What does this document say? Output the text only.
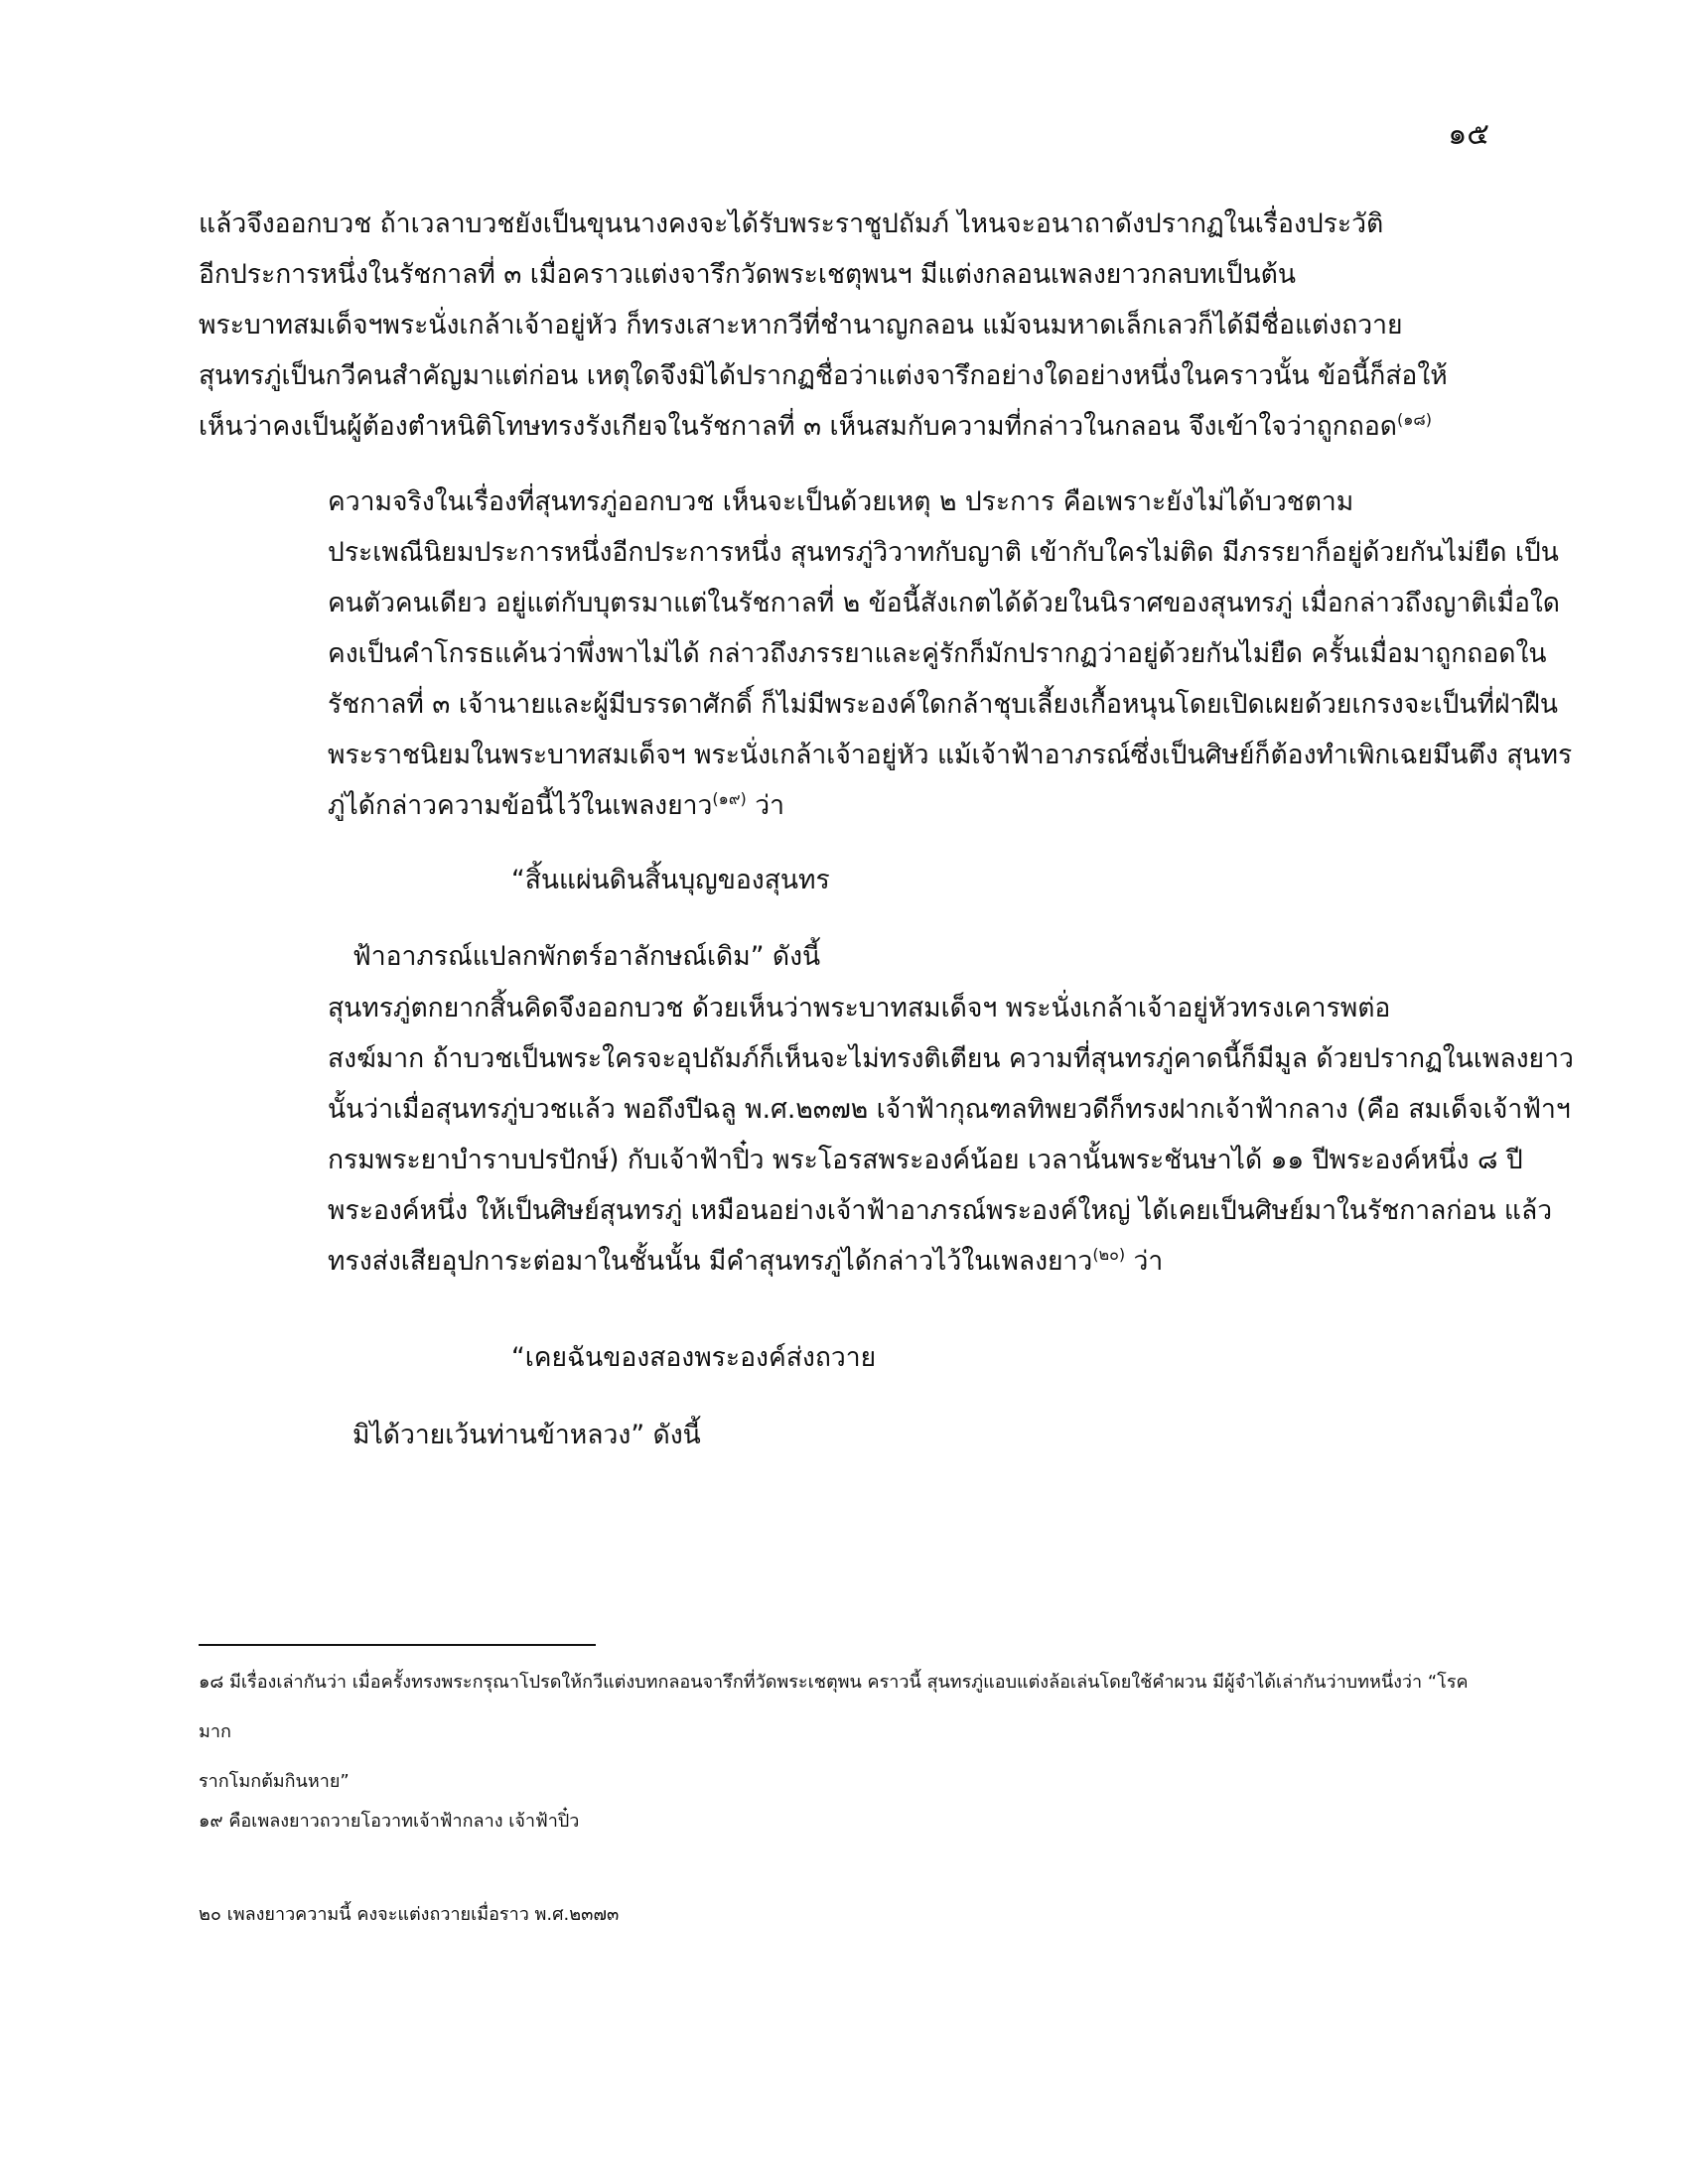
๑๕
แล้วจึงออกบวช ถ้าเวลาบวชยังเป็นขุนนางคงจะได้รับพระราชูปถัมภ์ ไหนจะอนาถาดังปรากฏในเรื่องประวัติ
อีกประการหนึ่งในรัชกาลที่ ๓ เมื่อคราวแต่งจารึกวัดพระเชตุพนฯ มีแต่งกลอนเพลงยาวกลบทเป็นต้น
พระบาทสมเด็จฯพระนั่งเกล้าเจ้าอยู่หัว ก็ทรงเสาะหากวีที่ชำนาญกลอน แม้จนมหาดเล็กเลวก็ได้มีชื่อแต่งถวาย
สุนทรภู่เป็นกวีคนสำคัญมาแต่ก่อน เหตุใดจึงมิได้ปรากฏชื่อว่าแต่งจารึกอย่างใดอย่างหนึ่งในคราวนั้น ข้อนี้ก็ส่อให้
เห็นว่าคงเป็นผู้ต้องตำหนิติโทษทรงรังเกียจในรัชกาลที่ ๓ เห็นสมกับความที่กล่าวในกลอน จึงเข้าใจว่าถูกถอด$^{(๑๘)}$
ความจริงในเรื่องที่สุนทรภู่ออกบวช เห็นจะเป็นด้วยเหตุ ๒ ประการ คือเพราะยังไม่ได้บวชตาม
ประเพณีนิยมประการหนึ่งอีกประการหนึ่ง สุนทรภู่วิวาทกับญาติ เข้ากับใครไม่ติด มีภรรยาก็อยู่ด้วยกันไม่ยืด เป็น
คนตัวคนเดียว อยู่แต่กับบุตรมาแต่ในรัชกาลที่ ๒ ข้อนี้สังเกตได้ด้วยในนิราศของสุนทรภู่ เมื่อกล่าวถึงญาติเมื่อใด
คงเป็นคำโกรธแค้นว่าพึ่งพาไม่ได้ กล่าวถึงภรรยาและคู่รักก็มักปรากฏว่าอยู่ด้วยกันไม่ยืด ครั้นเมื่อมาถูกถอดใน
รัชกาลที่ ๓ เจ้านายและผู้มีบรรดาศักดิ์ ก็ไม่มีพระองค์ใดกล้าชุบเลี้ยงเกื้อหนุนโดยเปิดเผยด้วยเกรงจะเป็นที่ฝ่าฝืน
พระราชนิยมในพระบาทสมเด็จฯ พระนั่งเกล้าเจ้าอยู่หัว แม้เจ้าฟ้าอาภรณ์ซึ่งเป็นศิษย์ก็ต้องทำเพิกเฉยมึนตึง สุนทร
ภู่ได้กล่าวความข้อนี้ไว้ในเพลงยาว$^{(๑๙)}$ ว่า
“สิ้นแผ่นดินสิ้นบุญของสุนทร
ฟ้าอาภรณ์แปลกพักตร์อาลักษณ์เดิม” ดังนี้
สุนทรภู่ตกยากสิ้นคิดจึงออกบวช ด้วยเห็นว่าพระบาทสมเด็จฯ พระนั่งเกล้าเจ้าอยู่หัวทรงเคารพต่อ
สงฆ์มาก ถ้าบวชเป็นพระใครจะอุปถัมภ์ก็เห็นจะไม่ทรงติเตียน ความที่สุนทรภู่คาดนี้ก็มีมูล ด้วยปรากฏในเพลงยาว
นั้นว่าเมื่อสุนทรภู่บวชแล้ว พอถึงปีฉลู พ.ศ.๒๓๗๒ เจ้าฟ้ากุณฑลทิพยวดีก็ทรงฝากเจ้าฟ้ากลาง (คือ สมเด็จเจ้าฟ้าฯ
กรมพระยาบำราบปรปักษ์) กับเจ้าฟ้าปิ๋ว พระโอรสพระองค์น้อย เวลานั้นพระชันษาได้ ๑๑ ปีพระองค์หนึ่ง ๘ ปี
พระองค์หนึ่ง ให้เป็นศิษย์สุนทรภู่ เหมือนอย่างเจ้าฟ้าอาภรณ์พระองค์ใหญ่ ได้เคยเป็นศิษย์มาในรัชกาลก่อน แล้ว
ทรงส่งเสียอุปการะต่อมาในชั้นนั้น มีคำสุนทรภู่ได้กล่าวไว้ในเพลงยาว$^{(๒๐)}$ ว่า
“เคยฉันของสองพระองค์ส่งถวาย
มิได้วายเว้นท่านข้าหลวง” ดังนี้
๑๘ มีเรื่องเล่ากันว่า เมื่อครั้งทรงพระกรุณาโปรดให้กวีแต่งบทกลอนจารึกที่วัดพระเชตุพน คราวนี้ สุนทรภู่แอบแต่งล้อเล่นโดยใช้คำผวน มีผู้จำได้เล่ากันว่าบทหนึ่งว่า “โรคมาก
รากโมกต้มกินหาย”
๑๙ คือเพลงยาวถวายโอวาทเจ้าฟ้ากลาง เจ้าฟ้าปิ๋ว
๒๐ เพลงยาวความนี้ คงจะแต่งถวายเมื่อราว พ.ศ.๒๓๗๓
